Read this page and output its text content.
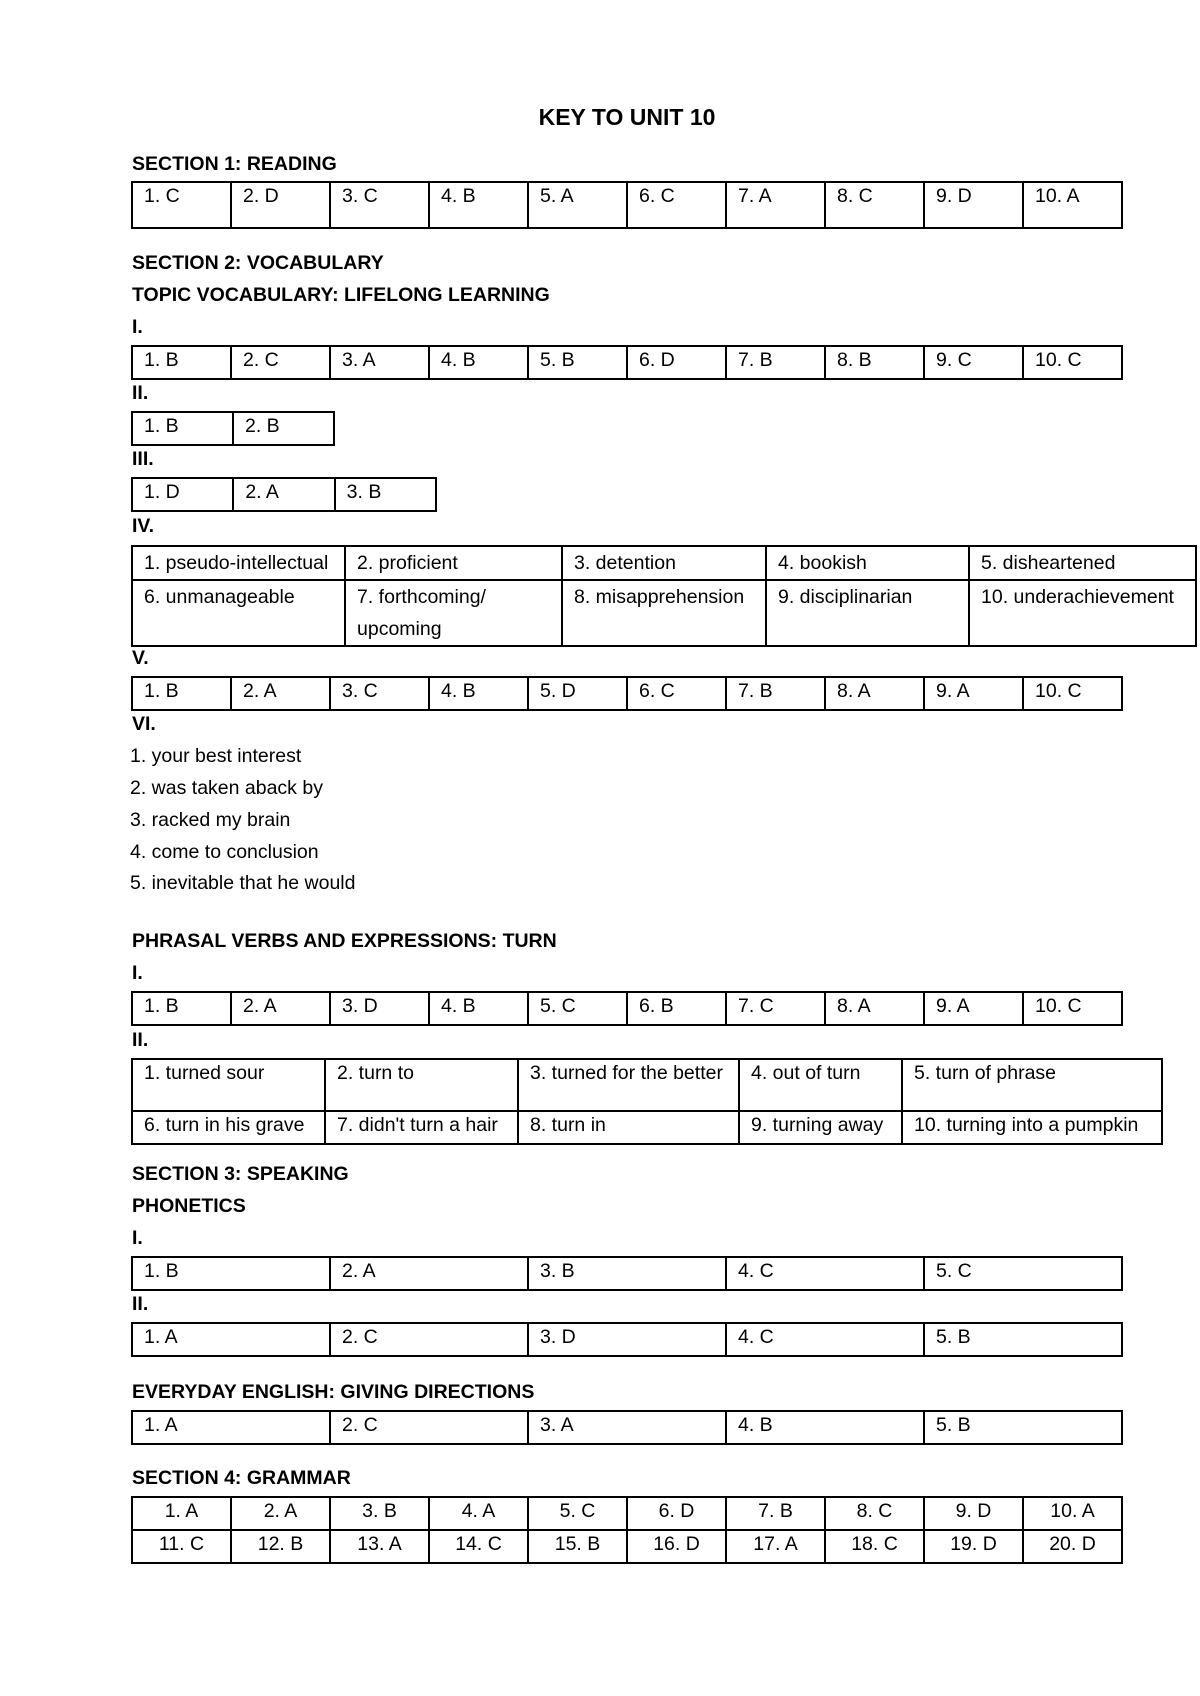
KEY TO UNIT 10
SECTION 1: READING
1. C	2. D	3. C	4. B	5. A	6. C	7. A	8. C	9. D	10. A
SECTION 2: VOCABULARY
TOPIC VOCABULARY: LIFELONG LEARNING
I.
1. B	2. C	3. A	4. B	5. B	6. D	7. B	8. B	9. C	10. C
II.
1. B	2. B
III.
1. D	2. A	3. B
IV.
1. pseudo-intellectual	2. proficient	3. detention	4. bookish	5. disheartened
6. unmanageable	7. forthcoming/ upcoming	8. misapprehension	9. disciplinarian	10. underachievement
V.
1. B	2. A	3. C	4. B	5. D	6. C	7. B	8. A	9. A	10. C
VI.
1. your best interest
2. was taken aback by
3. racked my brain
4. come to conclusion
5. inevitable that he would
PHRASAL VERBS AND EXPRESSIONS: TURN
I.
1. B	2. A	3. D	4. B	5. C	6. B	7. C	8. A	9. A	10. C
II.
1. turned sour	2. turn to	3. turned for the better	4. out of turn	5. turn of phrase
6. turn in his grave	7. didn't turn a hair	8. turn in	9. turning away	10. turning into a pumpkin
SECTION 3: SPEAKING
PHONETICS
I.
1. B	2. A	3. B	4. C	5. C
II.
1. A	2. C	3. D	4. C	5. B
EVERYDAY ENGLISH: GIVING DIRECTIONS
1. A	2. C	3. A	4. B	5. B
SECTION 4: GRAMMAR
1. A	2. A	3. B	4. A	5. C	6. D	7. B	8. C	9. D	10. A
11. C	12. B	13. A	14. C	15. B	16. D	17. A	18. C	19. D	20. D
